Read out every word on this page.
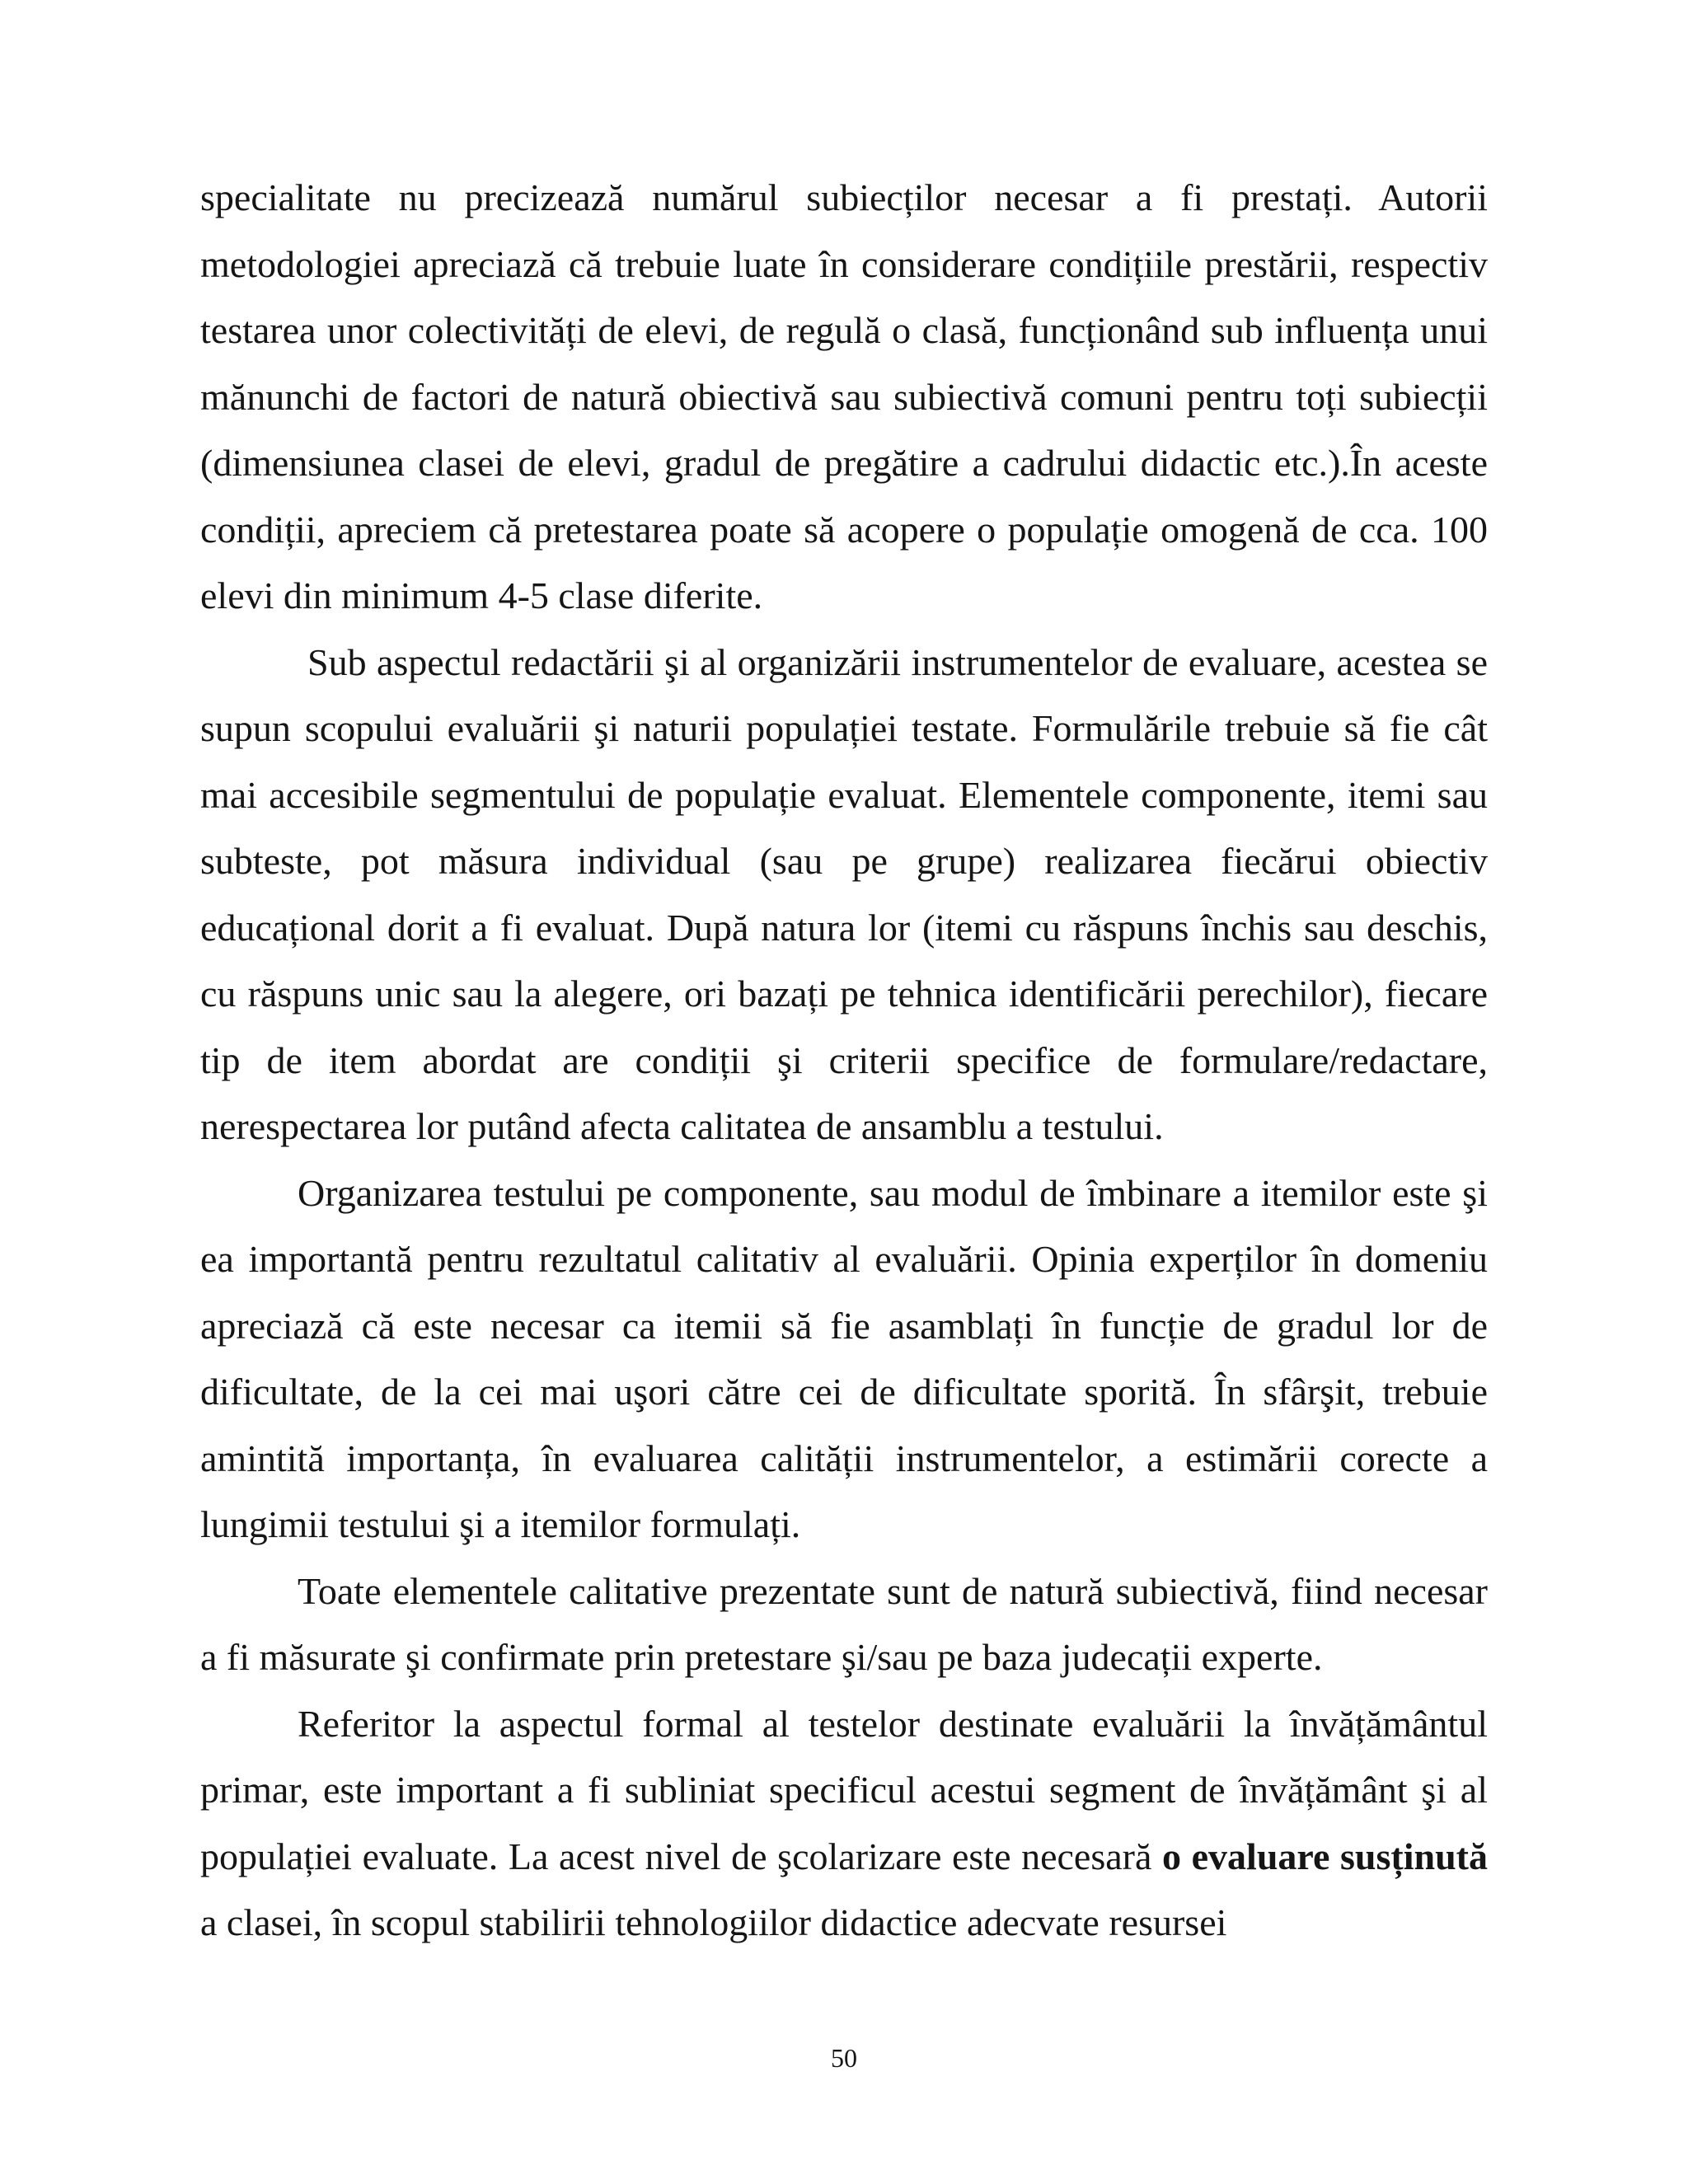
specialitate nu precizează numărul subiecților necesar a fi prestați. Autorii metodologiei apreciază că trebuie luate în considerare condițiile prestării, respectiv testarea unor colectivități de elevi, de regulă o clasă, funcționând sub influența unui mănunchi de factori de natură obiectivă sau subiectivă comuni pentru toți subiecții (dimensiunea clasei de elevi, gradul de pregătire a cadrului didactic etc.).În aceste condiții, apreciem că pretestarea poate să acopere o populație omogenă de cca. 100 elevi din minimum 4-5 clase diferite.

Sub aspectul redactării şi al organizării instrumentelor de evaluare, acestea se supun scopului evaluării şi naturii populației testate. Formulările trebuie să fie cât mai accesibile segmentului de populație evaluat. Elementele componente, itemi sau subteste, pot măsura individual (sau pe grupe) realizarea fiecărui obiectiv educațional dorit a fi evaluat. După natura lor (itemi cu răspuns închis sau deschis, cu răspuns unic sau la alegere, ori bazați pe tehnica identificării perechilor), fiecare tip de item abordat are condiții şi criterii specifice de formulare/redactare, nerespectarea lor putând afecta calitatea de ansamblu a testului.

Organizarea testului pe componente, sau modul de îmbinare a itemilor este şi ea importantă pentru rezultatul calitativ al evaluării. Opinia experților în domeniu apreciază că este necesar ca itemii să fie asamblați în funcție de gradul lor de dificultate, de la cei mai uşori către cei de dificultate sporită. În sfârşit, trebuie amintită importanța, în evaluarea calității instrumentelor, a estimării corecte a lungimii testului şi a itemilor formulați.

Toate elementele calitative prezentate sunt de natură subiectivă, fiind necesar a fi măsurate şi confirmate prin pretestare şi/sau pe baza judecații experte.

Referitor la aspectul formal al testelor destinate evaluării la învățământul primar, este important a fi subliniat specificul acestui segment de învățământ şi al populației evaluate. La acest nivel de şcolarizare este necesară o evaluare susținută a clasei, în scopul stabilirii tehnologiilor didactice adecvate resursei

50
